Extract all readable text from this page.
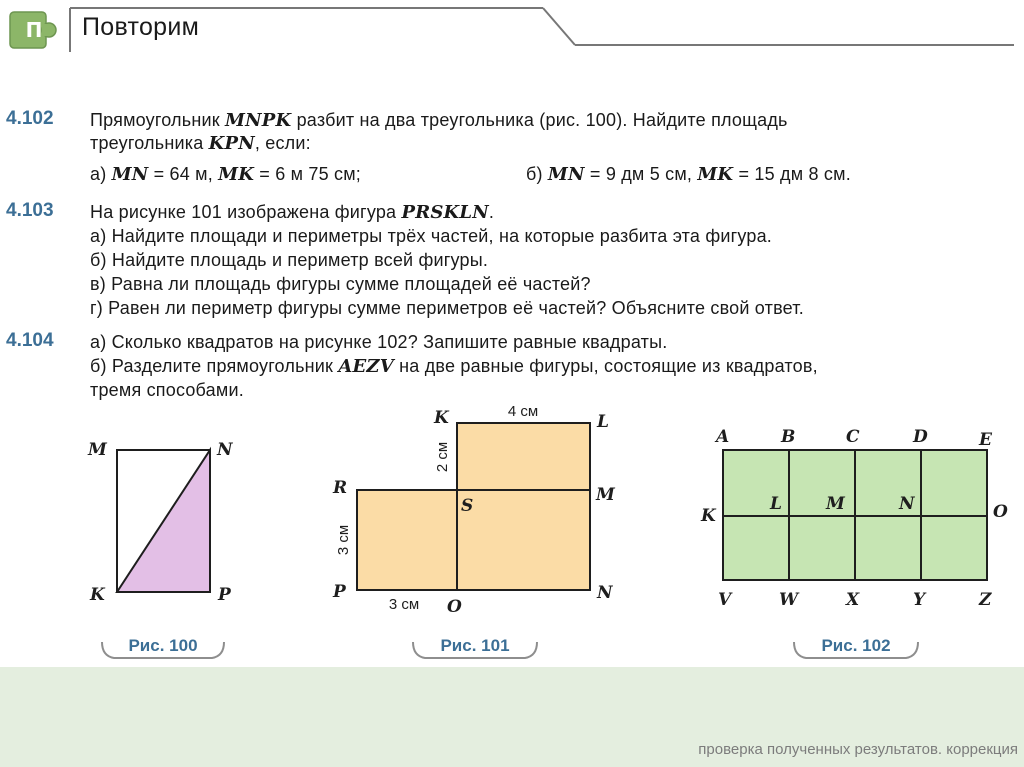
П Повторим
4.102 Прямоугольник MNPK разбит на два треугольника (рис. 100). Найдите площадь
треугольника KPN, если:
а) MN = 64 м, MK = 6 м 75 см;	б) MN = 9 дм 5 см, MK = 15 дм 8 см.
4.103 На рисунке 101 изображена фигура PRSKLN.
а) Найдите площади и периметры трёх частей, на которые разбита эта фигура.
б) Найдите площадь и периметр всей фигуры.
в) Равна ли площадь фигуры сумме площадей её частей?
г) Равен ли периметр фигуры сумме периметров её частей? Объясните свой ответ.
4.104 а) Сколько квадратов на рисунке 102? Запишите равные квадраты.
б) Разделите прямоугольник AEZV на две равные фигуры, состоящие из квадратов,
тремя способами.
M	N
K	P
Рис. 100
K	L
R
S
M
P
O
N
4 см
2 см
3 см
3 см
Рис. 101
A	B	C	D	E
K
L	M	N	O
V	W	X	Y	Z
Рис. 102
проверка полученных результатов. коррекция
